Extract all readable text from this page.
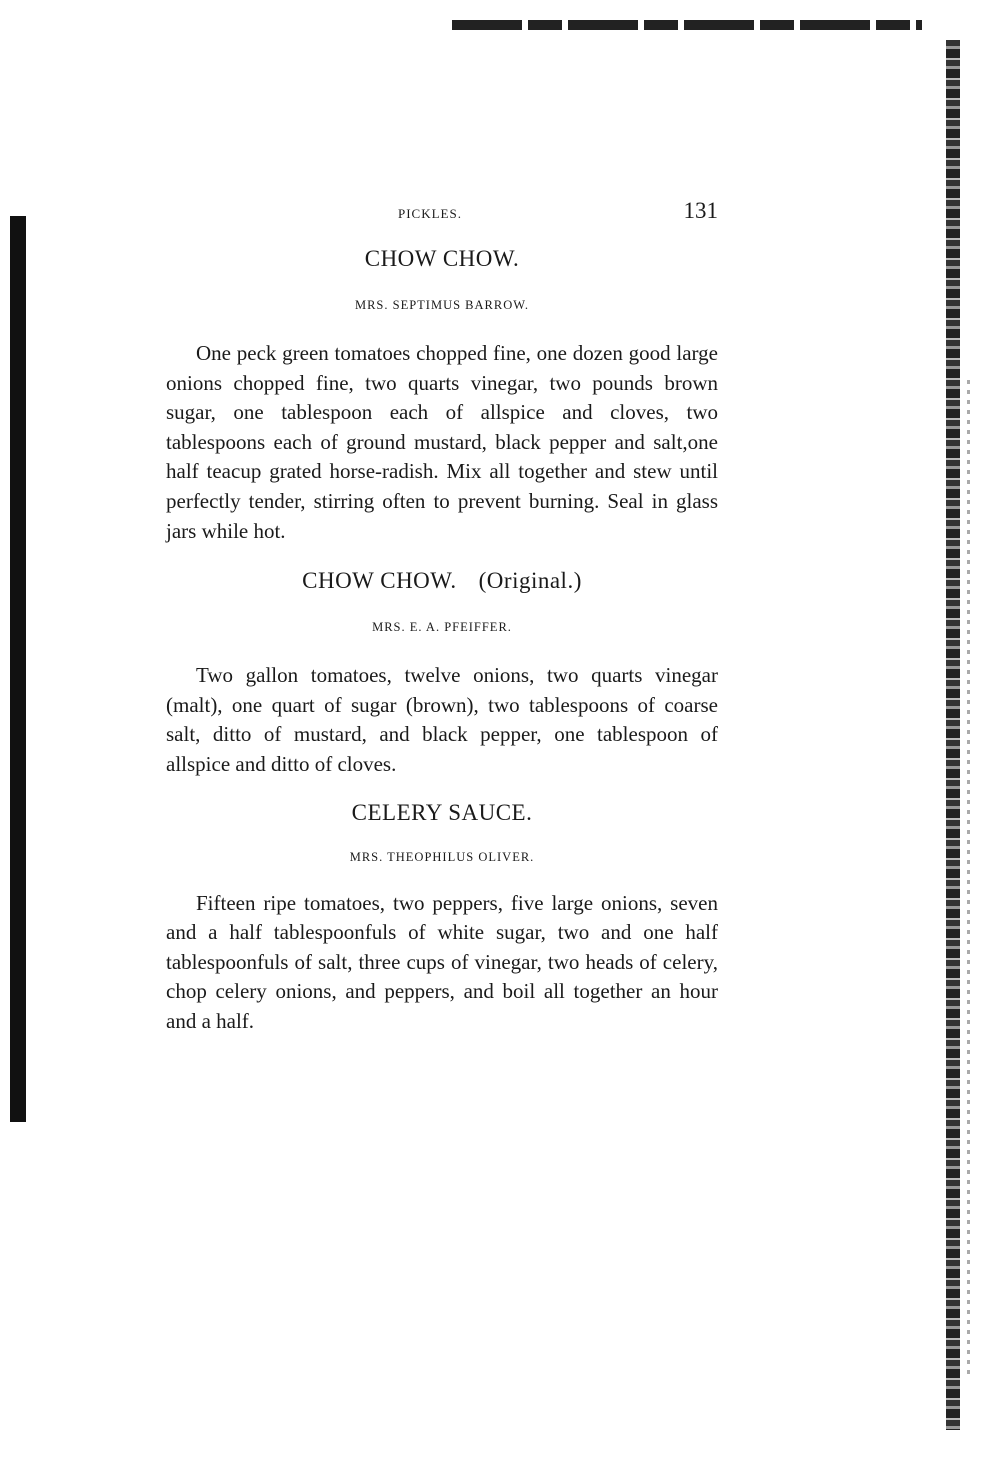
PICKLES.	131
CHOW CHOW.

MRS. SEPTIMUS BARROW.

One peck green tomatoes chopped fine, one dozen good large onions chopped fine, two quarts vinegar, two pounds brown sugar, one tablespoon each of allspice and cloves, two tablespoons each of ground mustard, black pepper and salt,one half teacup grated horse-radish. Mix all together and stew until perfectly tender, stirring often to prevent burning. Seal in glass jars while hot.

CHOW CHOW. (Original.)

MRS. E. A. PFEIFFER.

Two gallon tomatoes, twelve onions, two quarts vinegar (malt), one quart of sugar (brown), two tablespoons of coarse salt, ditto of mustard, and black pepper, one tablespoon of allspice and ditto of cloves.

CELERY SAUCE.

MRS. THEOPHILUS OLIVER.

Fifteen ripe tomatoes, two peppers, five large onions, seven and a half tablespoonfuls of white sugar, two and one half tablespoonfuls of salt, three cups of vinegar, two heads of celery, chop celery onions, and peppers, and boil all together an hour and a half.
